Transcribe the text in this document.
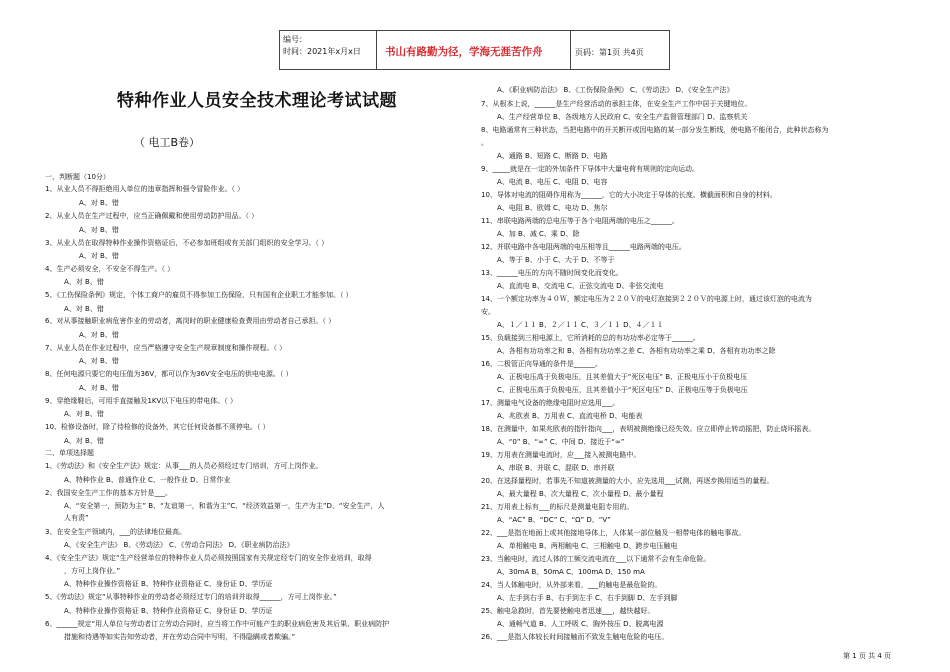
编号：
时间：2021年x月x日 书山有路勤为径，学海无涯苦作舟	页码：第1页 共4页
特种作业人员安全技术理论考试试题
（ 电工B卷）
一、判断题（10分）
1、从业人员不得拒绝用人单位的违章指挥和强令冒险作业。（ ）
A、对 B、错
2、从业人员在生产过程中，应当正确佩戴和使用劳动防护用品。（ ）
A、对 B、错
3、从业人员在取得特种作业操作资格证后，不必参加班组或有关部门组织的安全学习。（ ）
A、对 B、错
4、生产必须安全，不安全不得生产。（ ）
A、对 B、错
5、《工伤保险条例》规定，个体工商户的雇员不得参加工伤保险，只有国有企业职工才能参加。（ ）
A、对 B、错
6、对从事接触职业病危害作业的劳动者，离岗时的职业健康检查费用由劳动者自己承担。（ ）
A、对 B、错
7、从业人员在作业过程中，应当严格遵守安全生产规章制度和操作规程。（ ）
A、对 B、错
8、任何电源只要它的电压值为36V，都可以作为36V安全电压的供电电源。（ ）
A、对 B、错
9、穿绝缘鞋后，可用手直接触及1KV以下电压的带电体。（ ）
A、对 B、错
10、检修设备时，除了待检修的设备外，其它任何设备都不须停电。（ ）
A、对 B、错
二、单项选择题
1、《劳动法》和《安全生产法》规定：从事___的人员必须经过专门培训，方可上岗作业。
A、特种作业 B、普通作业 C、一般作业 D、日常作业
2、我国安全生产工作的基本方针是___。
A、“安全第一，预防为主” B、“友谊第一，和谐为主”C、“经济效益第一，生产为主”D、“安全生产，人
人有责”
3、在安全生产领域内，___的法律地位最高。
A、《安全生产法》 B、《劳动法》 C、《劳动合同法》 D、《职业病防治法》
4、《安全生产法》规定“生产经营单位的特种作业人员必须按照国家有关规定经专门的安全作业培训，取得
，方可上岗作业。”
A、特种作业操作资格证 B、特种作业资格证 C、身份证 D、学历证
5、《劳动法》规定“从事特种作业的劳动者必须经过专门的培训并取得______，方可上岗作业。”
A、特种作业操作资格证 B、特种作业资格证 C、身份证 D、学历证
6、______规定“用人单位与劳动者订立劳动合同时，应当将工作中可能产生的职业病危害及其后果、职业病防护
措施和待遇等如实告知劳动者，并在劳动合同中写明，不得隐瞒或者欺骗。”
A、《职业病防治法》 B、《工伤保险条例》 C、《劳动法》 D、《安全生产法》
7、从根本上说，______是生产经营活动的承担主体，在安全生产工作中居于关键地位。
A、生产经营单位 B、各级地方人民政府 C、安全生产监督管理部门 D、监察机关
8、电路通常有三种状态，当把电路中的开关断开或因电路的某一部分发生断线，使电路不能闭合，此种状态称为
。
A、通路 B、短路 C、断路 D、电路
9、_____就是在一定的外加条件下导体中大量电荷有规则的定向运动。
A、电流 B、电压 C、电阻 D、电容
10、导体对电流的阻碍作用称为______，它的大小决定于导体的长度、横截面积和自身的材料。
A、电阻 B、欧姆 C、电功 D、焦尔
11、串联电路两端的总电压等于各个电阻两端的电压之______。
A、加 B、减 C、乘 D、除
12、并联电路中各电阻两端的电压相等且______电路两端的电压。
A、等于 B、小于 C、大于 D、不等于
13、______电压的方向不随时间变化而变化。
A、直流电 B、交流电 C、正弦交流电 D、非弦交流电
14、一个额定功率为４０Ｗ，额定电压为２２０Ｖ的电灯泡接到２２０Ｖ的电源上时，通过该灯泡的电流为
安。
A、１／１１ B、２／１１ C、３／１１ D、４／１１
15、负载接到三相电源上，它所消耗的总的有功功率必定等于______。
A、各相有功功率之和 B、各相有功功率之差 C、各相有功功率之乘 D、各相有功功率之除
16、二极管正向导通的条件是______。
A、正极电压高于负极电压，且其差值大于“死区电压” B、正极电压小于负极电压
C、正极电压高于负极电压，且其差值小于“死区电压” D、正极电压等于负极电压
17、测量电气设备的绝缘电阻时应选用___。
A、兆欧表 B、万用表 C、直流电桥 D、电能表
18、在测量中，如果兆欧表的指针指向___，表明被测绝缘已经失效。应立即停止转动摇把，防止烧坏摇表。
A、“0” B、“∞” C、中间 D、接近于“∞”
19、万用表在测量电流时，应___接入被测电路中。
A、串联 B、并联 C、混联 D、串并联
20、在选择量程时，若事先不知道被测量的大小，应先选用___试测，再逐步换用适当的量程。
A、最大量程 B、次大量程 C、次小量程 D、最小量程
21、万用表上标有___的标尺是测量电阻专用的。
A、“AC” B、“DC” C、“Ω” D、“V”
22、___是指在地面上或其他接地导体上，人体某一部位触及一相带电体的触电事故。
A、单相触电 B、两相触电 C、三相触电 D、跨步电压触电
23、当触电时，流过人体的工频交流电流在___以下通常不会有生命危险。
A、30mA B、50mA C、100mA D、150 mA
24、当人体触电时，从外部来看，___的触电是最危险的。
A、左手到右手 B、右手到左手 C、右手到脚 D、左手到脚
25、触电急救时，首先要使触电者迅速___，越快越好。
A、通畅气道 B、人工呼吸 C、胸外按压 D、脱离电源
26、___是指人体较长时间接触而不致发生触电危险的电压。
第 1 页 共 4 页
